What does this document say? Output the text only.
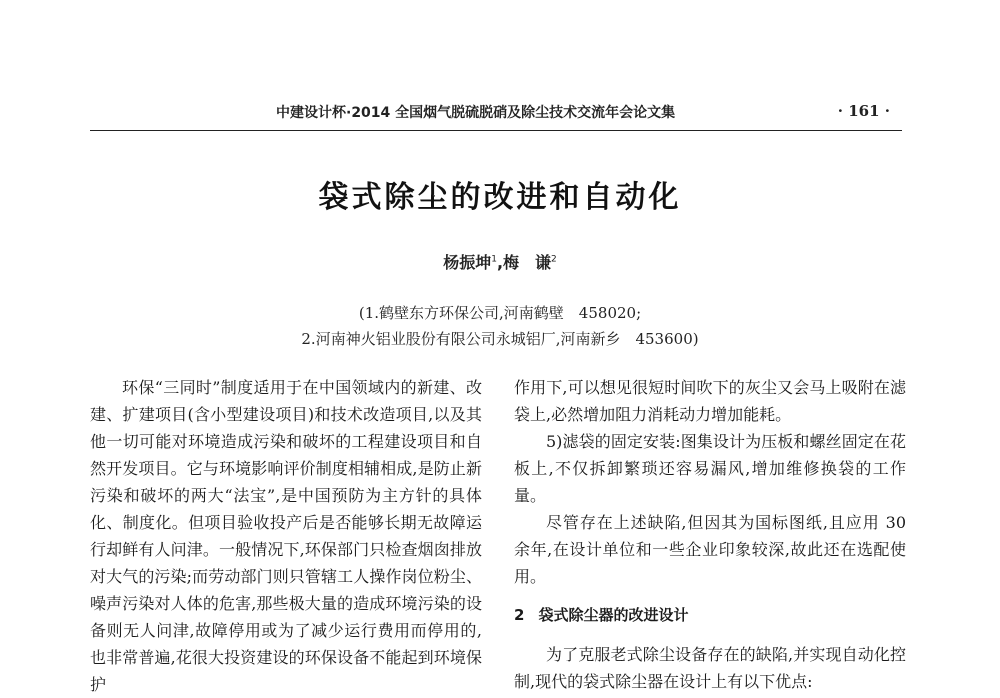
中建设计杯·2014 全国烟气脱硫脱硝及除尘技术交流年会论文集	· 161 ·
袋式除尘的改进和自动化
杨振坤$^1$,梅　谦$^2$
(1.鹤壁东方环保公司,河南鹤壁　458020;
2.河南神火铝业股份有限公司永城铝厂,河南新乡　453600)

环保“三同时”制度适用于在中国领域内的新建、改建、扩建项目(含小型建设项目)和技术改造项目,以及其他一切可能对环境造成污染和破坏的工程建设项目和自然开发项目。它与环境影响评价制度相辅相成,是防止新污染和破坏的两大“法宝”,是中国预防为主方针的具体化、制度化。但项目验收投产后是否能够长期无故障运行却鲜有人问津。一般情况下,环保部门只检查烟囱排放对大气的污染;而劳动部门则只管辖工人操作岗位粉尘、噪声污染对人体的危害,那些极大量的造成环境污染的设备则无人问津,故障停用或为了减少运行费用而停用的,也非常普遍,花很大投资建设的环保设备不能起到环境保护

作用下,可以想见很短时间吹下的灰尘又会马上吸附在滤袋上,必然增加阻力消耗动力增加能耗。

5)滤袋的固定安装:图集设计为压板和螺丝固定在花板上,不仅拆卸繁琐还容易漏风,增加维修换袋的工作量。

尽管存在上述缺陷,但因其为国标图纸,且应用 30 余年,在设计单位和一些企业印象较深,故此还在选配使用。

2 袋式除尘器的改进设计

为了克服老式除尘设备存在的缺陷,并实现自动化控制,现代的袋式除尘器在设计上有以下优点:
